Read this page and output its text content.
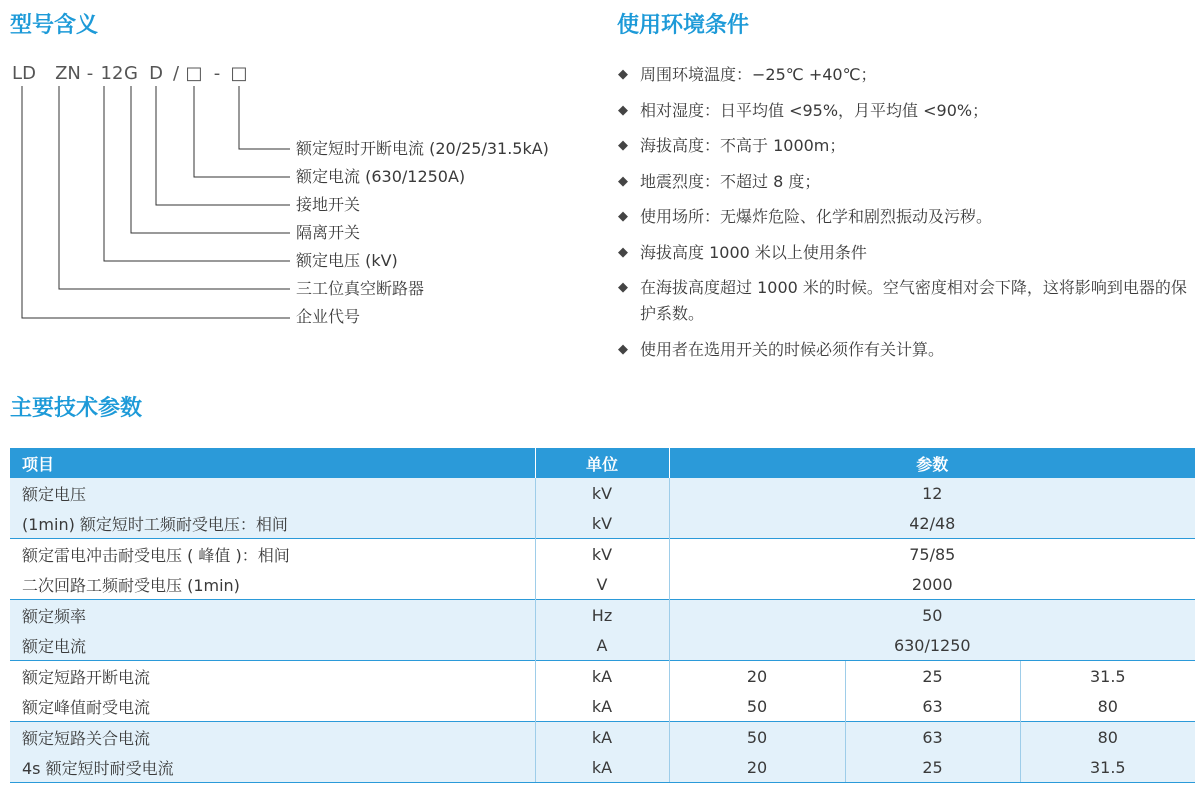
型号含义
LD ZN - 12 G D / □ - □
额定短时开断电流 (20/25/31.5kA)
额定电流 (630/1250A)
接地开关
隔离开关
额定电压 (kV)
三工位真空断路器
企业代号
使用环境条件
◆ 周围环境温度：−25℃ +40℃；
◆ 相对湿度：日平均值 <95%，月平均值 <90%；
◆ 海拔高度：不高于 1000m；
◆ 地震烈度：不超过 8 度；
◆ 使用场所：无爆炸危险、化学和剧烈振动及污秽。
◆ 海拔高度 1000 米以上使用条件
◆ 在海拔高度超过 1000 米的时候。空气密度相对会下降，这将影响到电器的保护系数。
◆ 使用者在选用开关的时候必须作有关计算。
主要技术参数
项目	单位	参数		
额定电压	kV	12		
(1min) 额定短时工频耐受电压：相间	kV	42/48		
额定雷电冲击耐受电压 ( 峰值 )：相间	kV	75/85		
二次回路工频耐受电压 (1min)	V	2000		
额定频率	Hz	50		
额定电流	A	630/1250		
额定短路开断电流	kA	20	25	31.5
额定峰值耐受电流	kA	50	63	80
额定短路关合电流	kA	50	63	80
4s 额定短时耐受电流	kA	20	25	31.5
